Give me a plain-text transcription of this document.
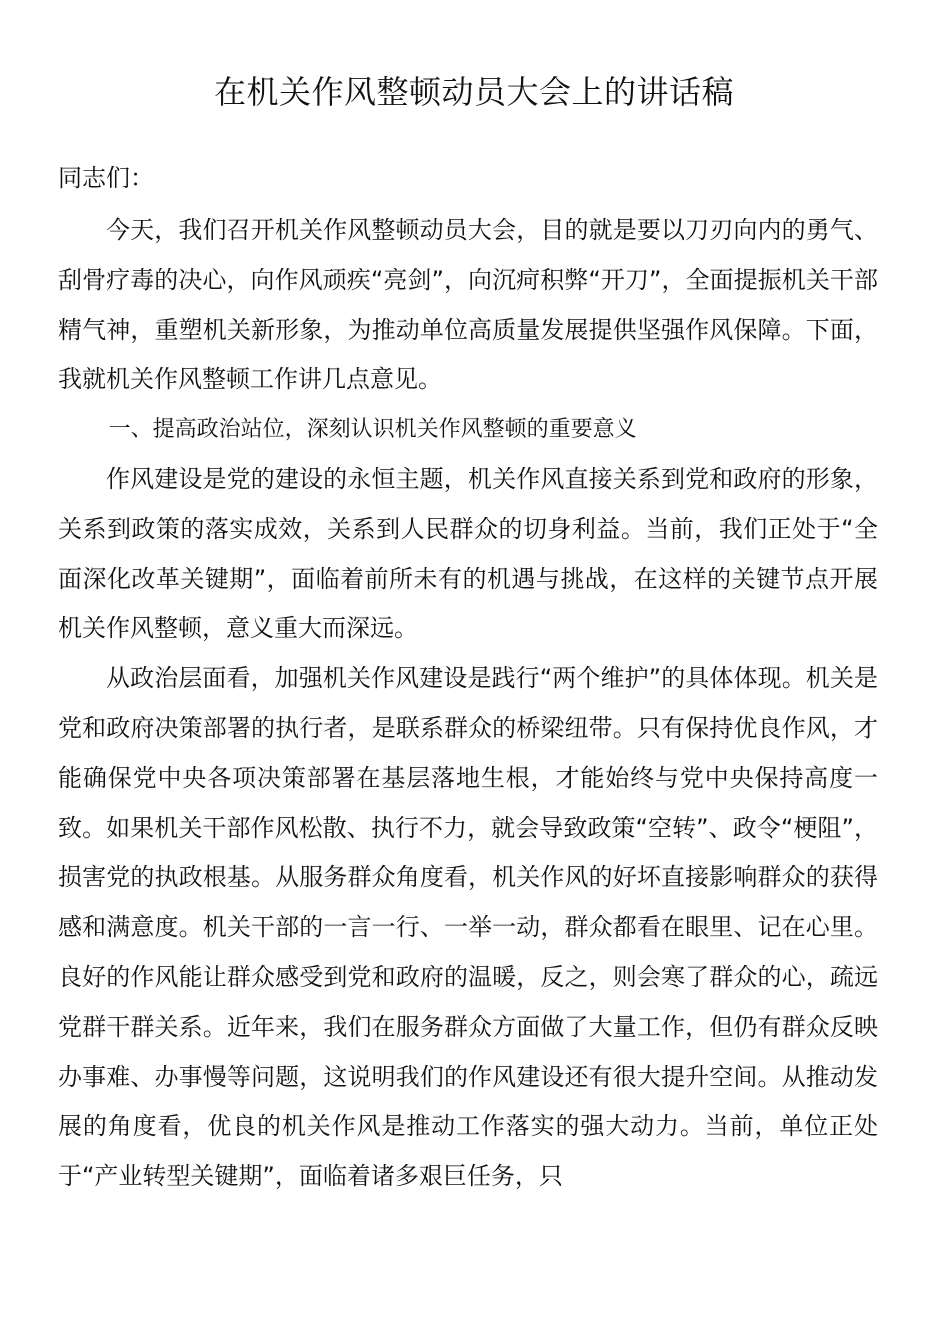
在机关作风整顿动员大会上的讲话稿

同志们：

今天，我们召开机关作风整顿动员大会，目的就是要以刀刃向内的勇气、刮骨疗毒的决心，向作风顽疾“亮剑”，向沉疴积弊“开刀”，全面提振机关干部精气神，重塑机关新形象，为推动单位高质量发展提供坚强作风保障。下面，我就机关作风整顿工作讲几点意见。

一、提高政治站位，深刻认识机关作风整顿的重要意义

作风建设是党的建设的永恒主题，机关作风直接关系到党和政府的形象，关系到政策的落实成效，关系到人民群众的切身利益。当前，我们正处于“全面深化改革关键期”，面临着前所未有的机遇与挑战，在这样的关键节点开展机关作风整顿，意义重大而深远。

从政治层面看，加强机关作风建设是践行“两个维护”的具体体现。机关是党和政府决策部署的执行者，是联系群众的桥梁纽带。只有保持优良作风，才能确保党中央各项决策部署在基层落地生根，才能始终与党中央保持高度一致。如果机关干部作风松散、执行不力，就会导致政策“空转”、政令“梗阻”，损害党的执政根基。从服务群众角度看，机关作风的好坏直接影响群众的获得感和满意度。机关干部的一言一行、一举一动，群众都看在眼里、记在心里。良好的作风能让群众感受到党和政府的温暖，反之，则会寒了群众的心，疏远党群干群关系。近年来，我们在服务群众方面做了大量工作，但仍有群众反映办事难、办事慢等问题，这说明我们的作风建设还有很大提升空间。从推动发展的角度看，优良的机关作风是推动工作落实的强大动力。当前，单位正处于“产业转型关键期”，面临着诸多艰巨任务，只
